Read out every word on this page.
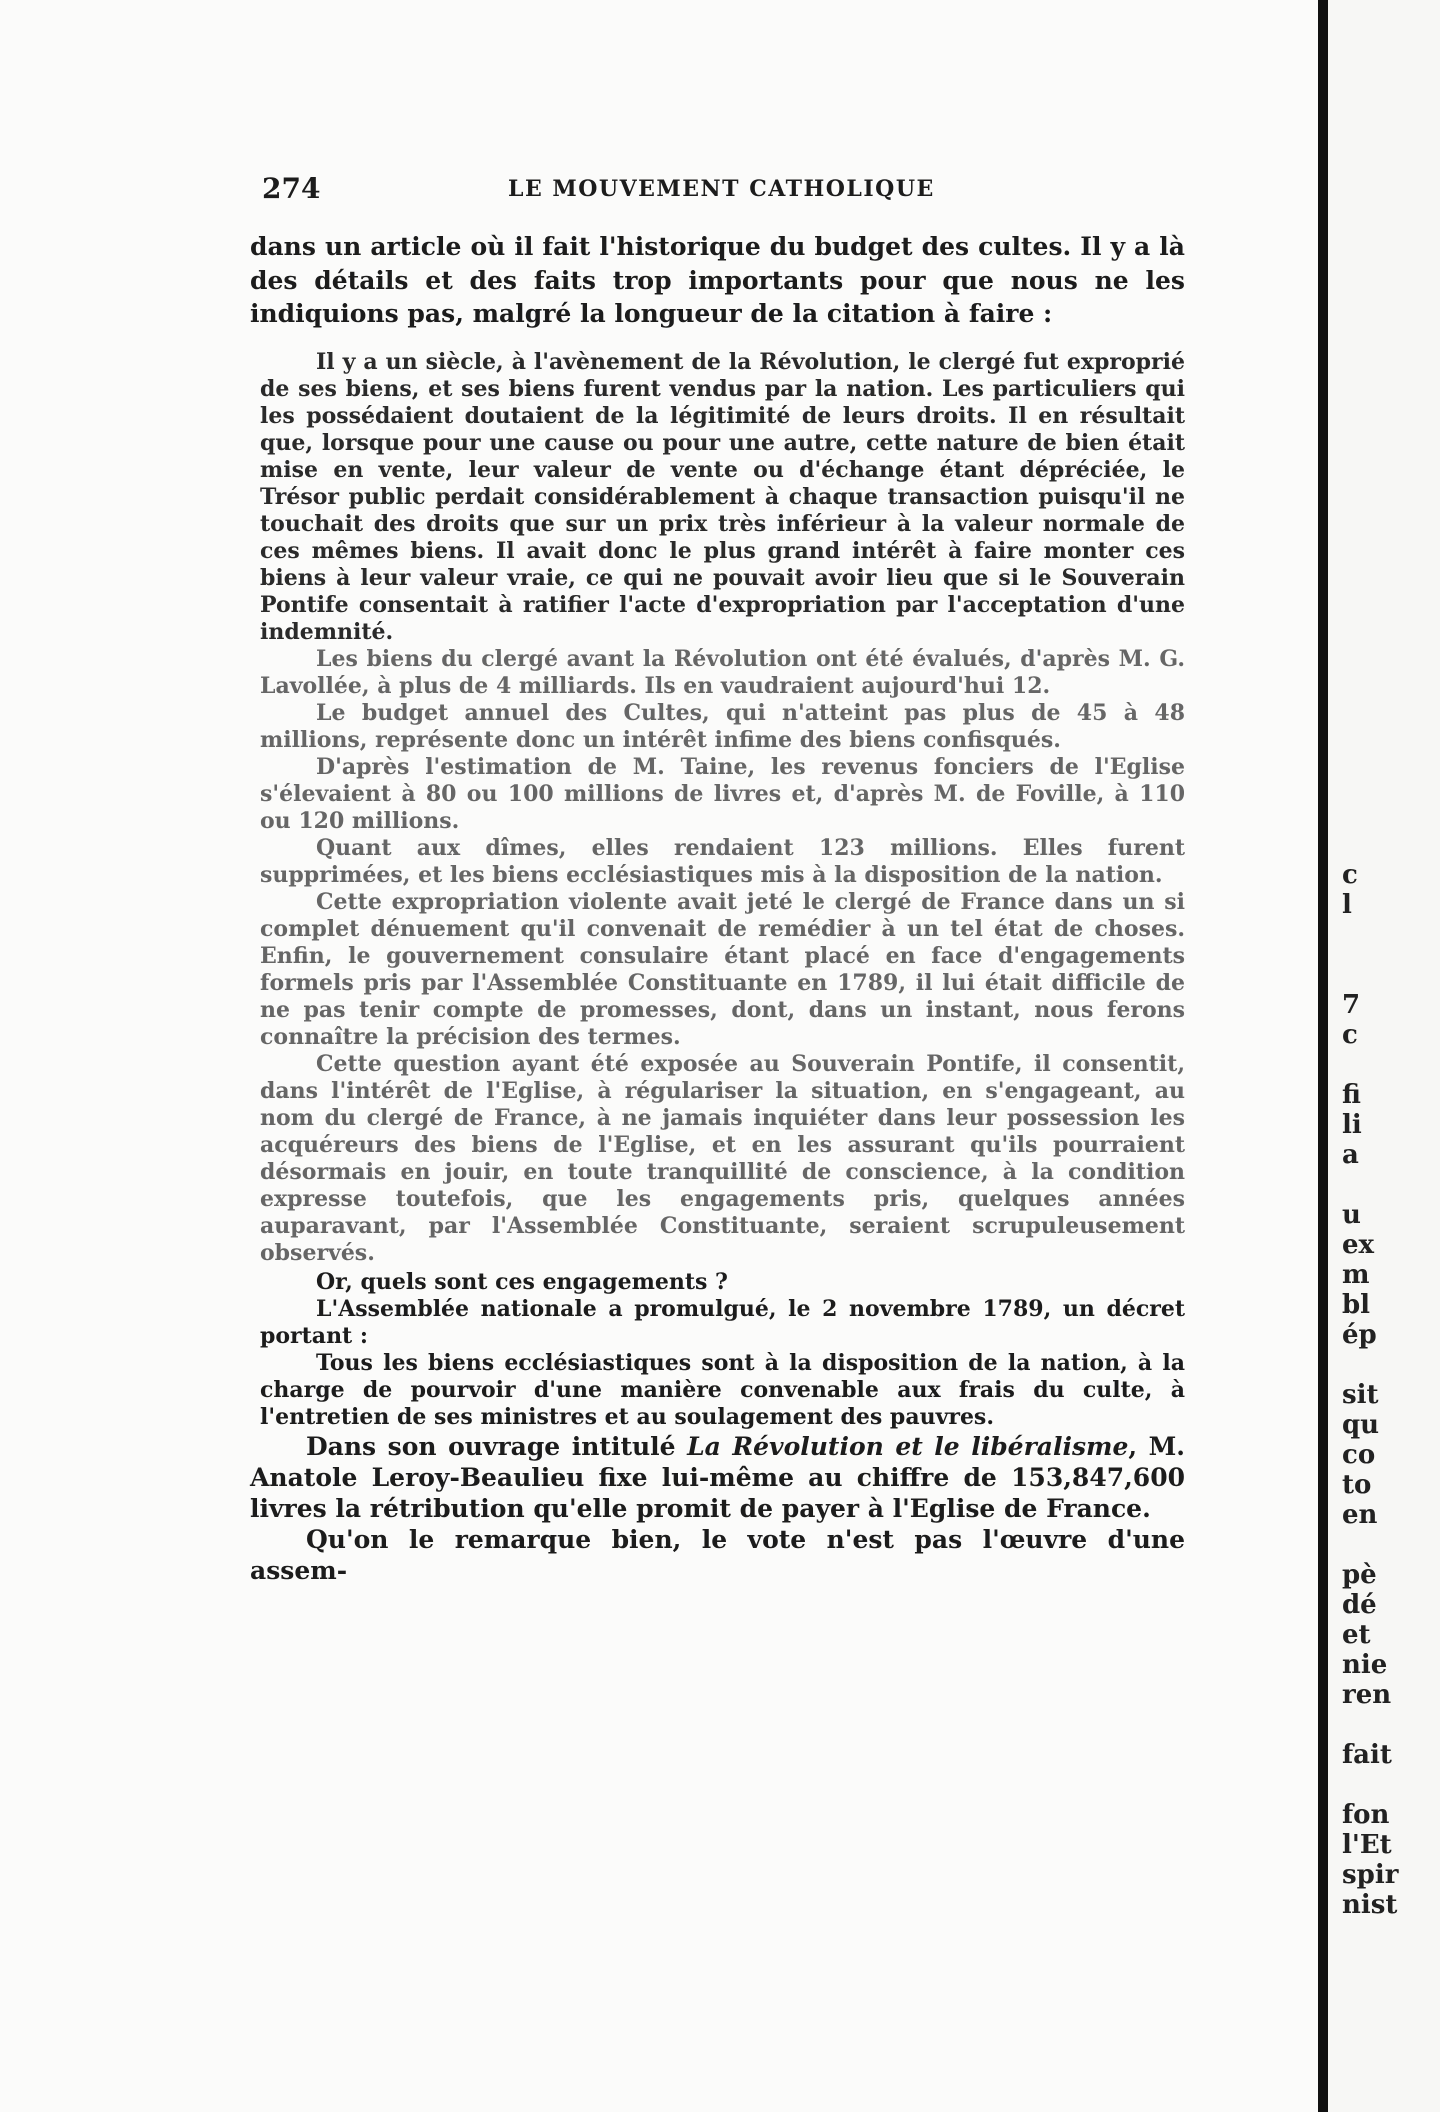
274	LE MOUVEMENT CATHOLIQUE

dans un article où il fait l'historique du budget des cultes. Il y a là des détails et des faits trop importants pour que nous ne les indiquions pas, malgré la longueur de la citation à faire :

Il y a un siècle, à l'avènement de la Révolution, le clergé fut exproprié de ses biens, et ses biens furent vendus par la nation. Les particuliers qui les possédaient doutaient de la légitimité de leurs droits. Il en résultait que, lorsque pour une cause ou pour une autre, cette nature de bien était mise en vente, leur valeur de vente ou d'échange étant dépréciée, le Trésor public perdait considérablement à chaque transaction puisqu'il ne touchait des droits que sur un prix très inférieur à la valeur normale de ces mêmes biens. Il avait donc le plus grand intérêt à faire monter ces biens à leur valeur vraie, ce qui ne pouvait avoir lieu que si le Souverain Pontife consentait à ratifier l'acte d'expropriation par l'acceptation d'une indemnité.

Les biens du clergé avant la Révolution ont été évalués, d'après M. G. Lavollée, à plus de 4 milliards. Ils en vaudraient aujourd'hui 12.

Le budget annuel des Cultes, qui n'atteint pas plus de 45 à 48 millions, représente donc un intérêt infime des biens confisqués.

D'après l'estimation de M. Taine, les revenus fonciers de l'Eglise s'élevaient à 80 ou 100 millions de livres et, d'après M. de Foville, à 110 ou 120 millions.

Quant aux dîmes, elles rendaient 123 millions. Elles furent supprimées, et les biens ecclésiastiques mis à la disposition de la nation.

Cette expropriation violente avait jeté le clergé de France dans un si complet dénuement qu'il convenait de remédier à un tel état de choses. Enfin, le gouvernement consulaire étant placé en face d'engagements formels pris par l'Assemblée Constituante en 1789, il lui était difficile de ne pas tenir compte de promesses, dont, dans un instant, nous ferons connaître la précision des termes.

Cette question ayant été exposée au Souverain Pontife, il consentit, dans l'intérêt de l'Eglise, à régulariser la situation, en s'engageant, au nom du clergé de France, à ne jamais inquiéter dans leur possession les acquéreurs des biens de l'Eglise, et en les assurant qu'ils pourraient désormais en jouir, en toute tranquillité de conscience, à la condition expresse toutefois, que les engagements pris, quelques années auparavant, par l'Assemblée Constituante, seraient scrupuleusement observés.

Or, quels sont ces engagements ?

L'Assemblée nationale a promulgué, le 2 novembre 1789, un décret portant :

Tous les biens ecclésiastiques sont à la disposition de la nation, à la charge de pourvoir d'une manière convenable aux frais du culte, à l'entretien de ses ministres et au soulagement des pauvres.

Dans son ouvrage intitulé La Révolution et le libéralisme, M. Anatole Leroy-Beaulieu fixe lui-même au chiffre de 153,847,600 livres la rétribution qu'elle promit de payer à l'Eglise de France.

Qu'on le remarque bien, le vote n'est pas l'œuvre d'une assem-

c
l
7
c
fi
li
a
u
ex
m
bl
ép
sit
qu
co
to
en
pè
dé
et
nie
ren
fait
fon
l'Et
spir
nist
